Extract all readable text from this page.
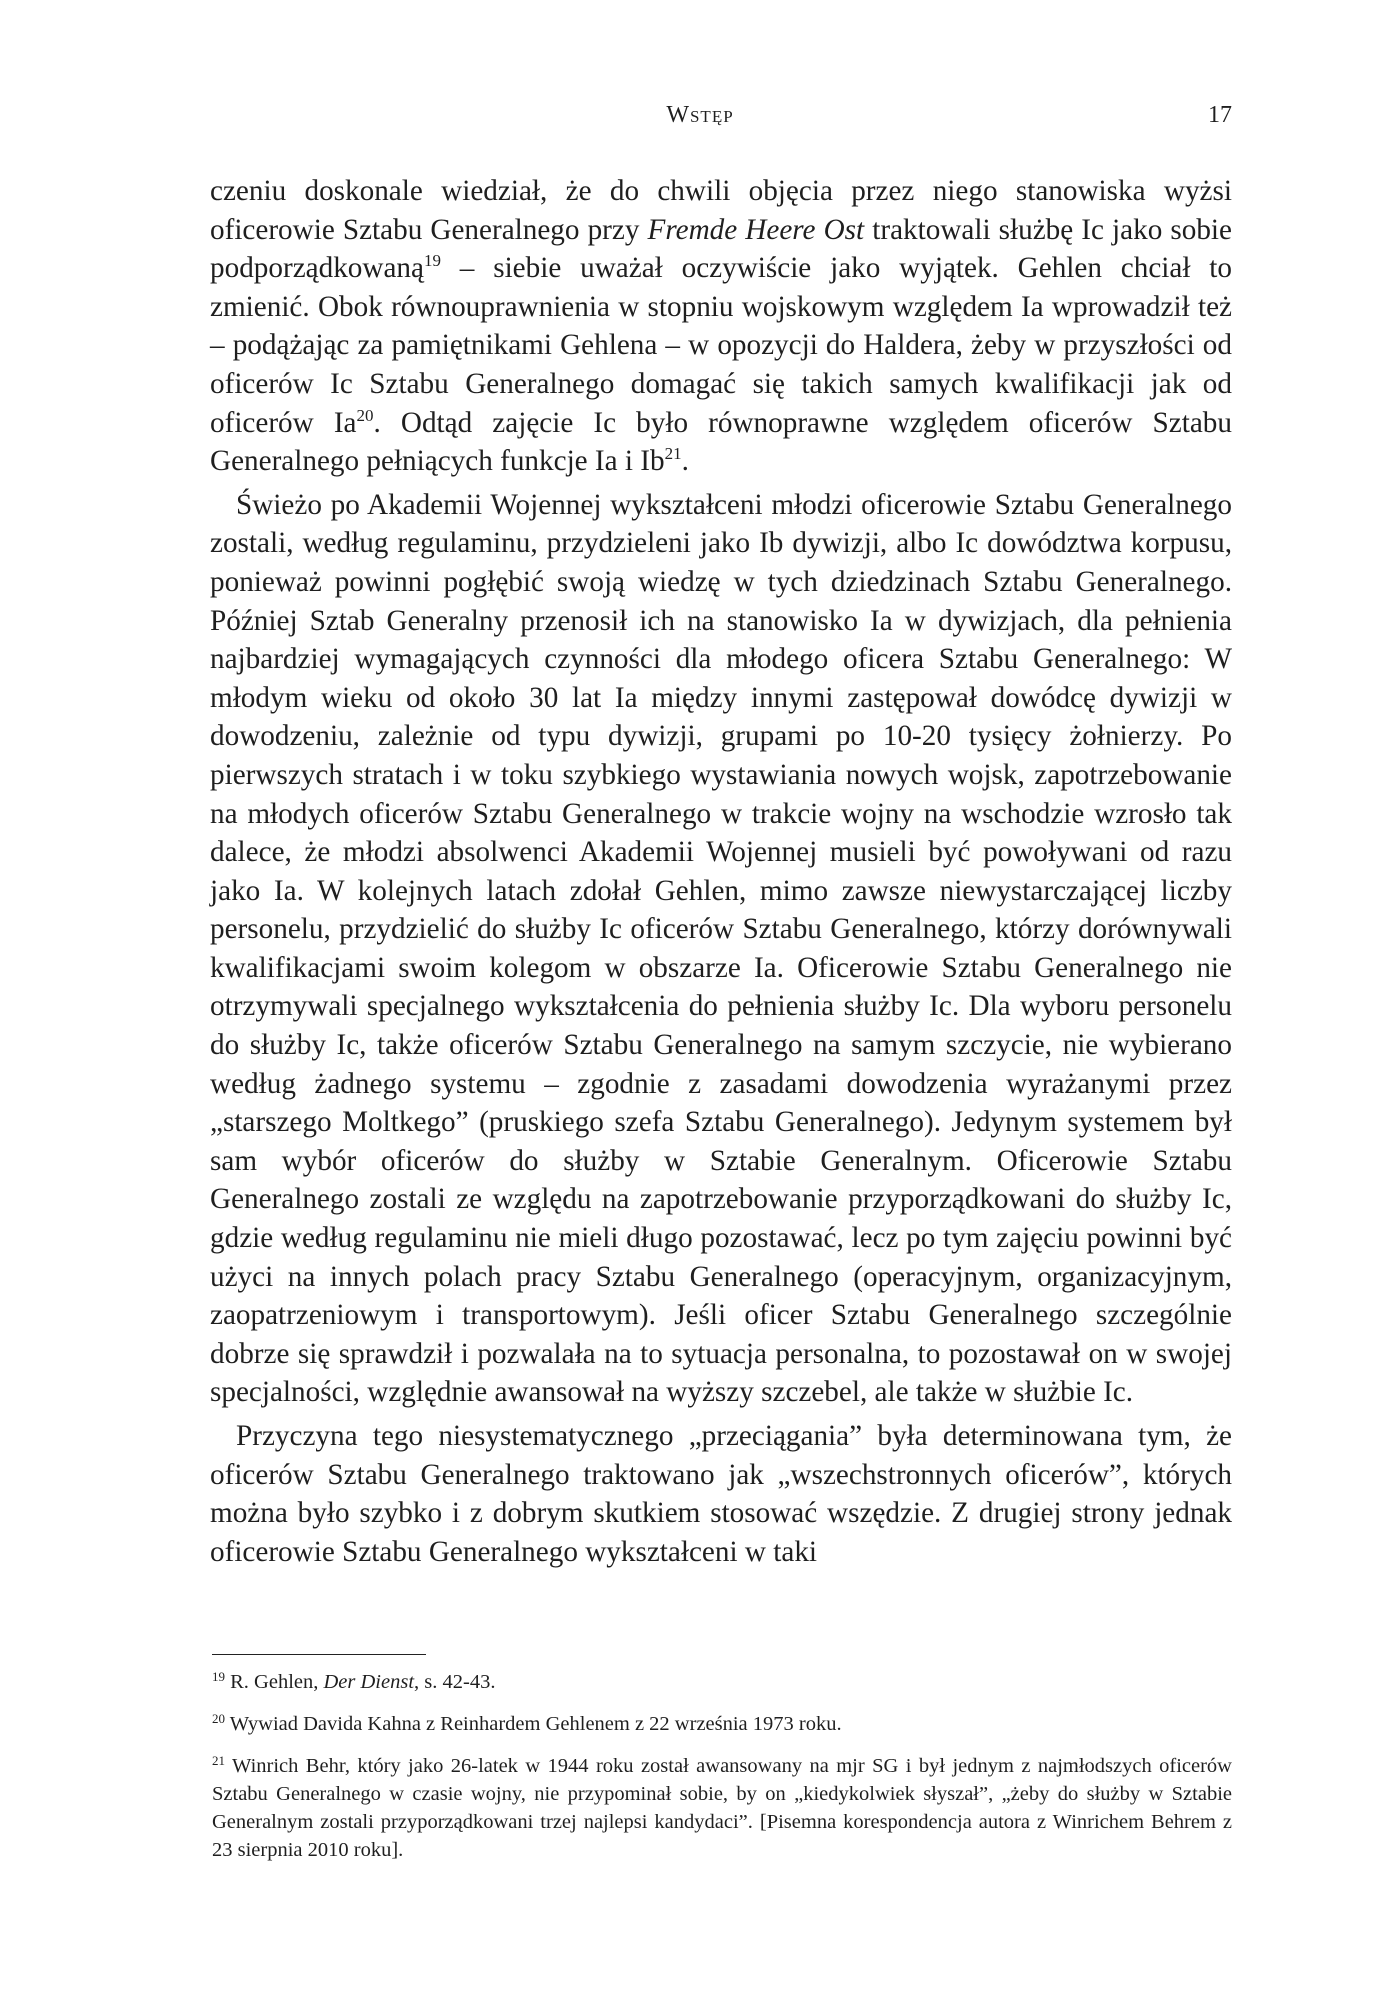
Wstęp	17

czeniu doskonale wiedział, że do chwili objęcia przez niego stanowiska wyżsi oficerowie Sztabu Generalnego przy Fremde Heere Ost traktowali służbę Ic jako sobie podporządkowaną$^{19}$ – siebie uważał oczywiście jako wyjątek. Gehlen chciał to zmienić. Obok równouprawnienia w stopniu wojskowym względem Ia wprowadził też – podążając za pamiętnikami Gehlena – w opozycji do Haldera, żeby w przyszłości od oficerów Ic Sztabu Generalnego domagać się takich samych kwalifikacji jak od oficerów Ia$^{20}$. Odtąd zajęcie Ic było równoprawne względem oficerów Sztabu Generalnego pełniących funkcje Ia i Ib$^{21}$.

Świeżo po Akademii Wojennej wykształceni młodzi oficerowie Sztabu Generalnego zostali, według regulaminu, przydzieleni jako Ib dywizji, albo Ic dowództwa korpusu, ponieważ powinni pogłębić swoją wiedzę w tych dziedzinach Sztabu Generalnego. Później Sztab Generalny przenosił ich na stanowisko Ia w dywizjach, dla pełnienia najbardziej wymagających czynności dla młodego oficera Sztabu Generalnego: W młodym wieku od około 30 lat Ia między innymi zastępował dowódcę dywizji w dowodzeniu, zależnie od typu dywizji, grupami po 10-20 tysięcy żołnierzy. Po pierwszych stratach i w toku szybkiego wystawiania nowych wojsk, zapotrzebowanie na młodych oficerów Sztabu Generalnego w trakcie wojny na wschodzie wzrosło tak dalece, że młodzi absolwenci Akademii Wojennej musieli być powoływani od razu jako Ia. W kolejnych latach zdołał Gehlen, mimo zawsze niewystarczającej liczby personelu, przydzielić do służby Ic oficerów Sztabu Generalnego, którzy dorównywali kwalifikacjami swoim kolegom w obszarze Ia. Oficerowie Sztabu Generalnego nie otrzymywali specjalnego wykształcenia do pełnienia służby Ic. Dla wyboru personelu do służby Ic, także oficerów Sztabu Generalnego na samym szczycie, nie wybierano według żadnego systemu – zgodnie z zasadami dowodzenia wyrażanymi przez „starszego Moltkego” (pruskiego szefa Sztabu Generalnego). Jedynym systemem był sam wybór oficerów do służby w Sztabie Generalnym. Oficerowie Sztabu Generalnego zostali ze względu na zapotrzebowanie przyporządkowani do służby Ic, gdzie według regulaminu nie mieli długo pozostawać, lecz po tym zajęciu powinni być użyci na innych polach pracy Sztabu Generalnego (operacyjnym, organizacyjnym, zaopatrzeniowym i transportowym). Jeśli oficer Sztabu Generalnego szczególnie dobrze się sprawdził i pozwalała na to sytuacja personalna, to pozostawał on w swojej specjalności, względnie awansował na wyższy szczebel, ale także w służbie Ic.

Przyczyna tego niesystematycznego „przeciągania” była determinowana tym, że oficerów Sztabu Generalnego traktowano jak „wszechstronnych oficerów”, których można było szybko i z dobrym skutkiem stosować wszędzie. Z drugiej strony jednak oficerowie Sztabu Generalnego wykształceni w taki

$^{19}$ R. Gehlen, Der Dienst, s. 42-43.

$^{20}$ Wywiad Davida Kahna z Reinhardem Gehlenem z 22 września 1973 roku.

$^{21}$ Winrich Behr, który jako 26-latek w 1944 roku został awansowany na mjr SG i był jednym z najmłodszych oficerów Sztabu Generalnego w czasie wojny, nie przypominał sobie, by on „kiedykolwiek słyszał”, „żeby do służby w Sztabie Generalnym zostali przyporządkowani trzej najlepsi kandydaci”. [Pisemna korespondencja autora z Winrichem Behrem z 23 sierpnia 2010 roku].
